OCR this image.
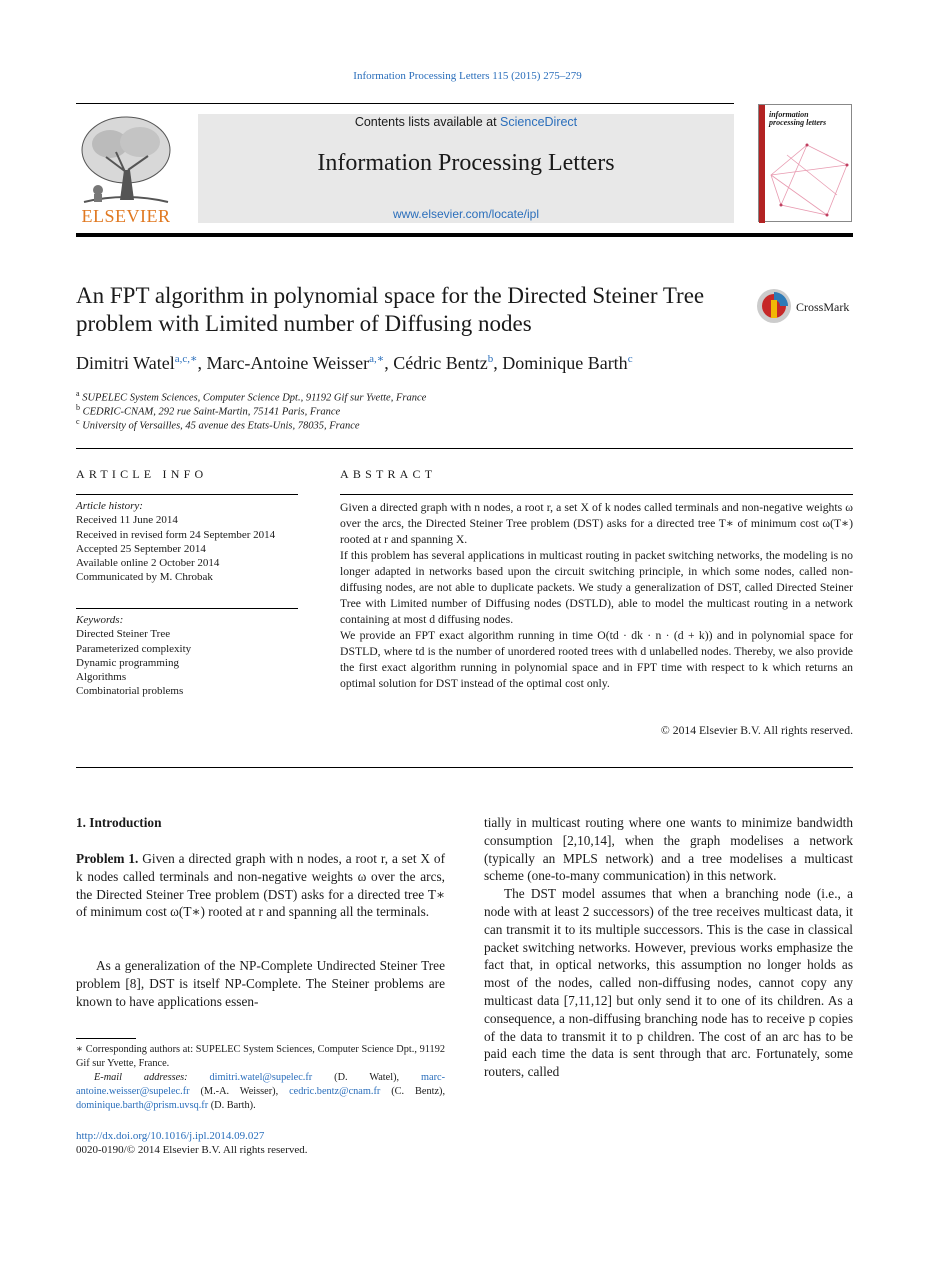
Information Processing Letters 115 (2015) 275–279
ELSEVIER
Contents lists available at ScienceDirect
Information Processing Letters
www.elsevier.com/locate/ipl
information processing letters
An FPT algorithm in polynomial space for the Directed Steiner Tree problem with Limited number of Diffusing nodes
CrossMark
Dimitri Watel$^{a,c,∗}$, Marc-Antoine Weisser$^{a,∗}$, Cédric Bentz$^b$, Dominique Barth$^c$
$^a$ SUPELEC System Sciences, Computer Science Dpt., 91192 Gif sur Yvette, France
$^b$ CEDRIC-CNAM, 292 rue Saint-Martin, 75141 Paris, France
$^c$ University of Versailles, 45 avenue des Etats-Unis, 78035, France
ARTICLE INFO
Article history:
Received 11 June 2014
Received in revised form 24 September 2014
Accepted 25 September 2014
Available online 2 October 2014
Communicated by M. Chrobak
Keywords:
Directed Steiner Tree
Parameterized complexity
Dynamic programming
Algorithms
Combinatorial problems
ABSTRACT

Given a directed graph with n nodes, a root r, a set X of k nodes called terminals and non-negative weights ω over the arcs, the Directed Steiner Tree problem (DST) asks for a directed tree T∗ of minimum cost ω(T∗) rooted at r and spanning X.

If this problem has several applications in multicast routing in packet switching networks, the modeling is no longer adapted in networks based upon the circuit switching principle, in which some nodes, called non-diffusing nodes, are not able to duplicate packets. We study a generalization of DST, called Directed Steiner Tree with Limited number of Diffusing nodes (DSTLD), able to model the multicast routing in a network containing at most d diffusing nodes.

We provide an FPT exact algorithm running in time O(td · dk · n · (d + k)) and in polynomial space for DSTLD, where td is the number of unordered rooted trees with d unlabelled nodes. Thereby, we also provide the first exact algorithm running in polynomial space and in FPT time with respect to k which returns an optimal solution for DST instead of the optimal cost only.

© 2014 Elsevier B.V. All rights reserved.
1. Introduction

Problem 1. Given a directed graph with n nodes, a root r, a set X of k nodes called terminals and non-negative weights ω over the arcs, the Directed Steiner Tree problem (DST) asks for a directed tree T∗ of minimum cost ω(T∗) rooted at r and spanning all the terminals.

As a generalization of the NP-Complete Undirected Steiner Tree problem [8], DST is itself NP-Complete. The Steiner problems are known to have applications essen-

tially in multicast routing where one wants to minimize bandwidth consumption [2,10,14], when the graph modelises a network (typically an MPLS network) and a tree modelises a multicast scheme (one-to-many communication) in this network.

The DST model assumes that when a branching node (i.e., a node with at least 2 successors) of the tree receives multicast data, it can transmit it to its multiple successors. This is the case in classical packet switching networks. However, previous works emphasize the fact that, in optical networks, this assumption no longer holds as most of the nodes, called non-diffusing nodes, cannot copy any multicast data [7,11,12] but only send it to one of its children. As a consequence, a non-diffusing branching node has to receive p copies of the data to transmit it to p children. The cost of an arc has to be paid each time the data is sent through that arc. Fortunately, some routers, called

∗ Corresponding authors at: SUPELEC System Sciences, Computer Science Dpt., 91192 Gif sur Yvette, France.

E-mail addresses: dimitri.watel@supelec.fr (D. Watel), marc-antoine.weisser@supelec.fr (M.-A. Weisser), cedric.bentz@cnam.fr (C. Bentz), dominique.barth@prism.uvsq.fr (D. Barth).

http://dx.doi.org/10.1016/j.ipl.2014.09.027
0020-0190/© 2014 Elsevier B.V. All rights reserved.
